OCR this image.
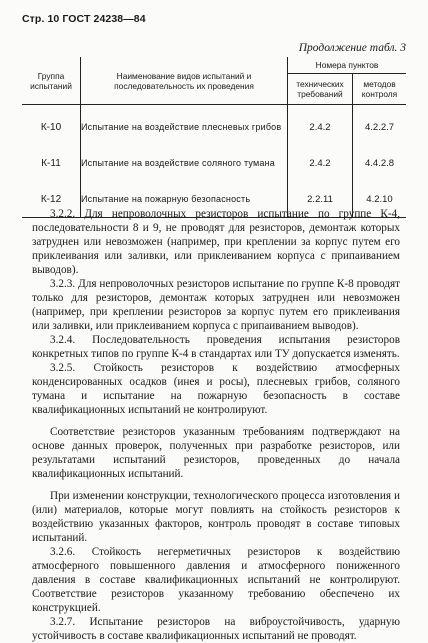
Стр. 10 ГОСТ 24238—84
Продолжение табл. 3
Группа испытаний	Наименование видов испытаний и последовательность их проведения	Номера пунктов	
		технических требований	методов контроля
К-10	Испытание на воздействие плесневых грибов	2.4.2	4.2.2.7
К-11	Испытание на воздействие соляного тумана	2.4.2	4.4.2.8
К-12	Испытание на пожарную безопасность	2.2.11	4.2.10

3.2.2. Для непроволочных резисторов испытание по группе К-4, последовательности 8 и 9, не проводят для резисторов, демонтаж которых затруднен или невозможен (например, при креплении за корпус путем его приклеивания или заливки, или приклеиванием корпуса с припаиванием выводов).

3.2.3. Для непроволочных резисторов испытание по группе К-8 проводят только для резисторов, демонтаж которых затруднен или невозможен (например, при креплении резисторов за корпус путем его приклеивания или заливки, или приклеиванием корпуса с припаиванием выводов).

3.2.4. Последовательность проведения испытания резисторов конкретных типов по группе К-4 в стандартах или ТУ допускается изменять.

3.2.5. Стойкость резисторов к воздействию атмосферных конденсированных осадков (инея и росы), плесневых грибов, соляного тумана и испытание на пожарную безопасность в составе квалификационных испытаний не контролируют.

Соответствие резисторов указанным требованиям подтверждают на основе данных проверок, полученных при разработке резисторов, или результатами испытаний резисторов, проведенных до начала квалификационных испытаний.

При изменении конструкции, технологического процесса изготовления и (или) материалов, которые могут повлиять на стойкость резисторов к воздействию указанных факторов, контроль проводят в составе типовых испытаний.

3.2.6. Стойкость негерметичных резисторов к воздействию атмосферного повышенного давления и атмосферного пониженного давления в составе квалификационных испытаний не контролируют. Соответствие резисторов указанному требованию обеспечено их конструкцией.

3.2.7. Испытание резисторов на виброустойчивость, ударную устойчивость в составе квалификационных испытаний не проводят.
